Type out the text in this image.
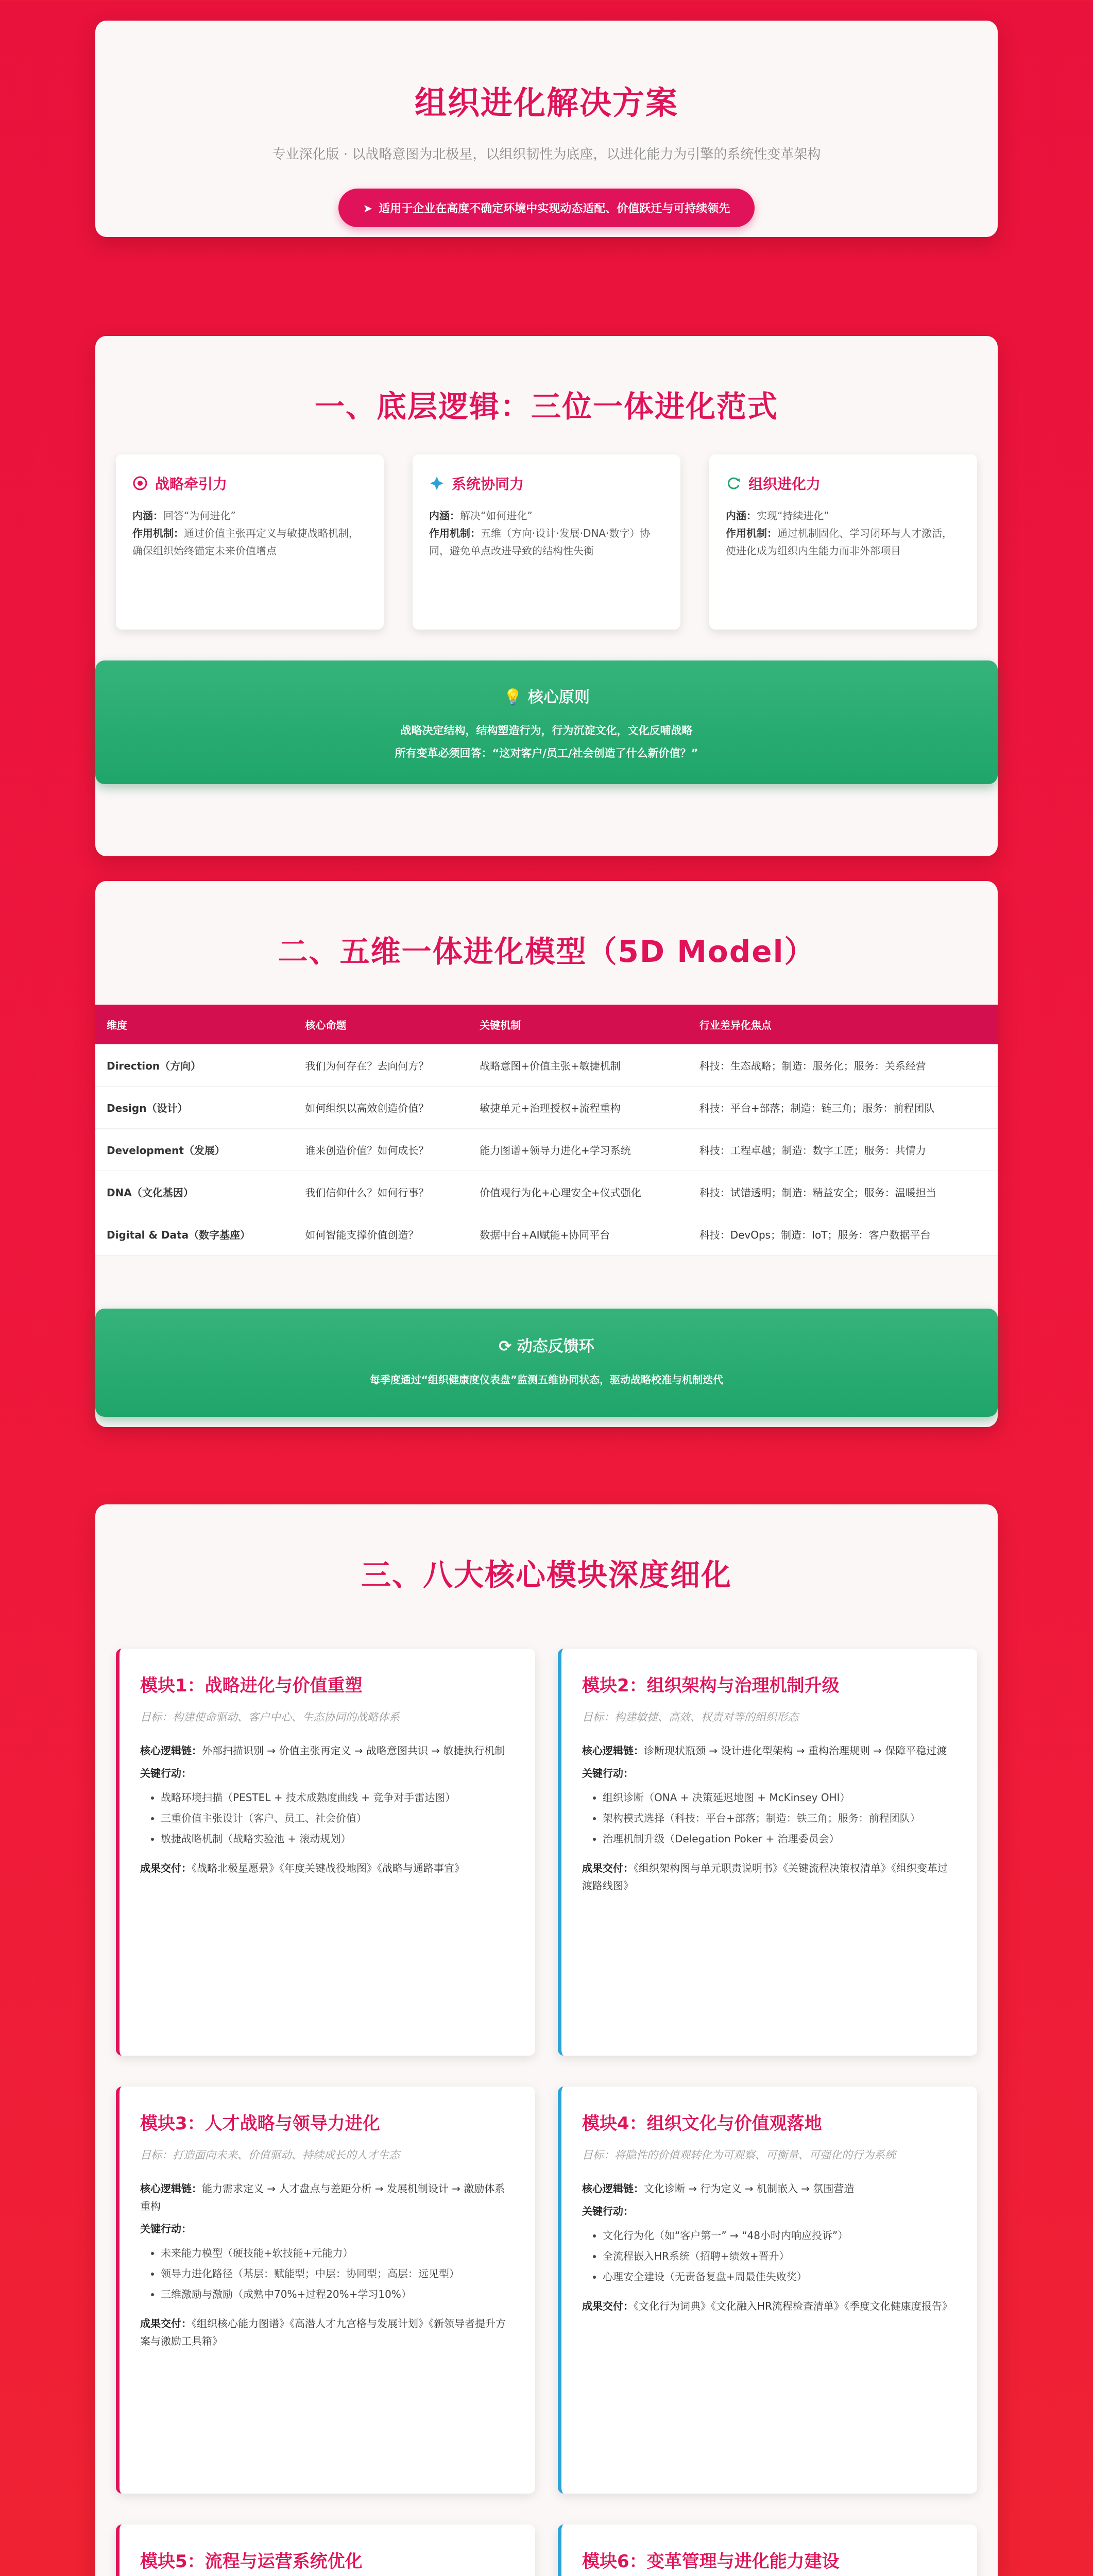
组织进化解决方案
专业深化版 · 以战略意图为北极星，以组织韧性为底座，以进化能力为引擎的系统性变革架构
➤ 适用于企业在高度不确定环境中实现动态适配、价值跃迁与可持续领先
一、底层逻辑：三位一体进化范式
战略牵引力
内涵：回答“为何进化”
作用机制：通过价值主张再定义与敏捷战略机制，确保组织始终锚定未来价值增点
系统协同力
内涵：解决“如何进化”
作用机制：五维（方向·设计·发展·DNA·数字）协同，避免单点改进导致的结构性失衡
组织进化力
内涵：实现“持续进化”
作用机制：通过机制固化、学习闭环与人才激活，使进化成为组织内生能力而非外部项目
💡 核心原则
战略决定结构，结构塑造行为，行为沉淀文化，文化反哺战略
所有变革必须回答：“这对客户/员工/社会创造了什么新价值？”
二、五维一体进化模型（5D Model）
维度	核心命题	关键机制	行业差异化焦点
Direction（方向）	我们为何存在？去向何方？	战略意图+价值主张+敏捷机制	科技：生态战略；制造：服务化；服务：关系经营
Design（设计）	如何组织以高效创造价值？	敏捷单元+治理授权+流程重构	科技：平台+部落；制造：链三角；服务：前程团队
Development（发展）	谁来创造价值？如何成长？	能力图谱+领导力进化+学习系统	科技：工程卓越；制造：数字工匠；服务：共情力
DNA（文化基因）	我们信仰什么？如何行事？	价值观行为化+心理安全+仪式强化	科技：试错透明；制造：精益安全；服务：温暖担当
Digital & Data（数字基座）	如何智能支撑价值创造？	数据中台+AI赋能+协同平台	科技：DevOps；制造：IoT；服务：客户数据平台
⟳ 动态反馈环
每季度通过“组织健康度仪表盘”监测五维协同状态，驱动战略校准与机制迭代
三、八大核心模块深度细化
模块1：战略进化与价值重塑
目标：构建使命驱动、客户中心、生态协同的战略体系
核心逻辑链：外部扫描识别 → 价值主张再定义 → 战略意图共识 → 敏捷执行机制
关键行动：
• 战略环境扫描（PESTEL + 技术成熟度曲线 + 竞争对手雷达图）
• 三重价值主张设计（客户、员工、社会价值）
• 敏捷战略机制（战略实验池 + 滚动规划）
成果交付：《战略北极星愿景》《年度关键战役地图》《战略与通路事宜》
模块2：组织架构与治理机制升级
目标：构建敏捷、高效、权责对等的组织形态
核心逻辑链：诊断现状瓶颈 → 设计进化型架构 → 重构治理规则 → 保障平稳过渡
关键行动：
• 组织诊断（ONA + 决策延迟地图 + McKinsey OHI）
• 架构模式选择（科技：平台+部落；制造：铁三角；服务：前程团队）
• 治理机制升级（Delegation Poker + 治理委员会）
成果交付：《组织架构图与单元职责说明书》《关键流程决策权清单》《组织变革过渡路线图》
模块3：人才战略与领导力进化
目标：打造面向未来、价值驱动、持续成长的人才生态
核心逻辑链：能力需求定义 → 人才盘点与差距分析 → 发展机制设计 → 激励体系重构
关键行动：
• 未来能力模型（硬技能+软技能+元能力）
• 领导力进化路径（基层：赋能型；中层：协同型；高层：远见型）
• 三维激励与激励（成熟中70%+过程20%+学习10%）
成果交付：《组织核心能力图谱》《高潜人才九宫格与发展计划》《新领导者提升方案与激励工具箱》
模块4：组织文化与价值观落地
目标：将隐性的价值观转化为可观察、可衡量、可强化的行为系统
核心逻辑链：文化诊断 → 行为定义 → 机制嵌入 → 氛围营造
关键行动：
• 文化行为化（如“客户第一” → “48小时内响应投诉”）
• 全流程嵌入HR系统（招聘+绩效+晋升）
• 心理安全建设（无责备复盘+周最佳失败奖）
成果交付：《文化行为词典》《文化融入HR流程检查清单》《季度文化健康度报告》
模块5：流程与运营系统优化	模块6：变革管理与进化能力建设
